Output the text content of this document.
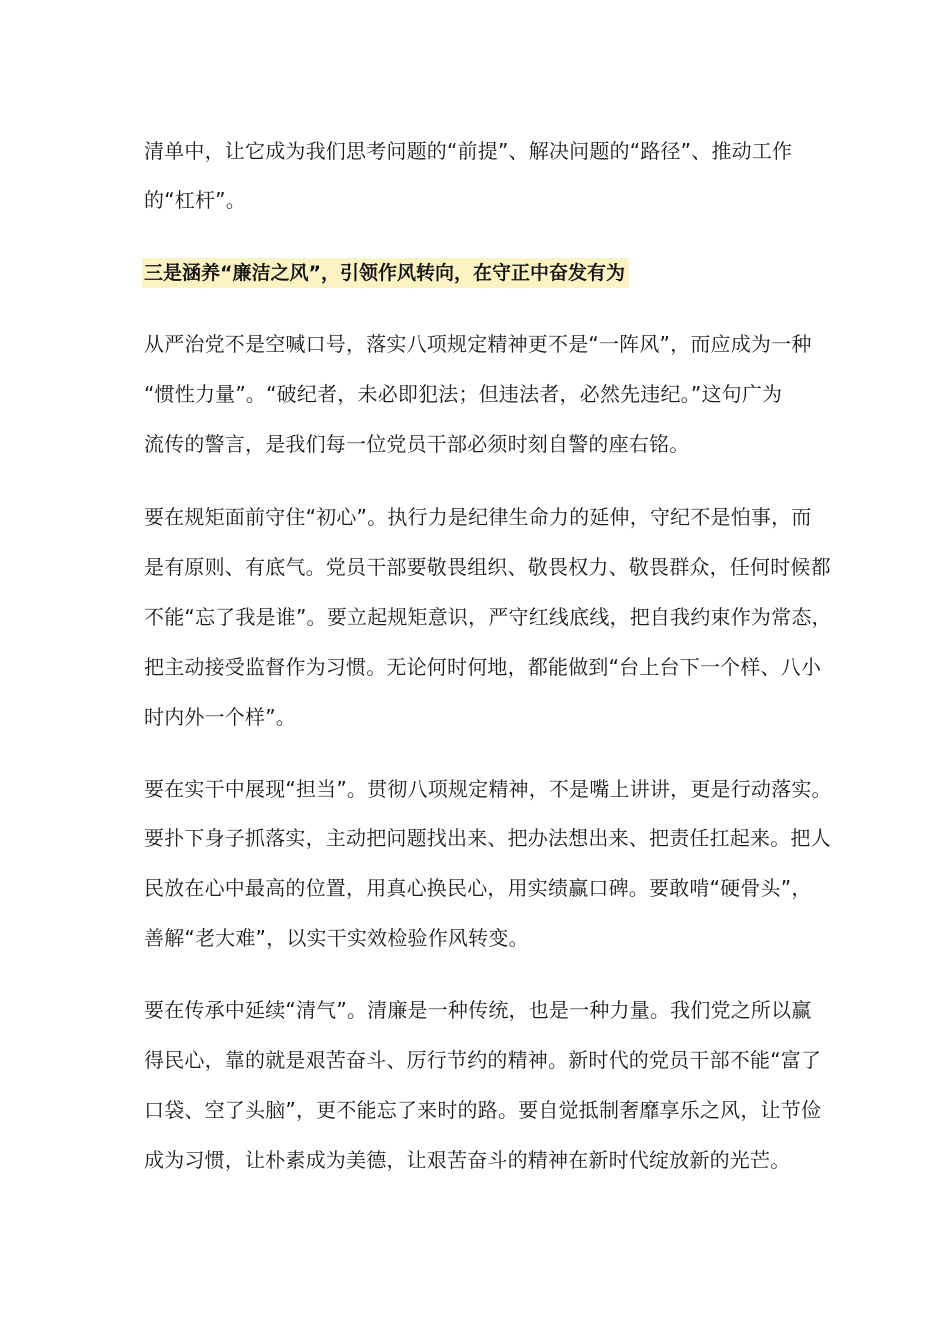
清单中，让它成为我们思考问题的“前提”、解决问题的“路径”、推动工作
的“杠杆”。
三是涵养“廉洁之风”，引领作风转向，在守正中奋发有为
从严治党不是空喊口号，落实八项规定精神更不是“一阵风”，而应成为一种
“惯性力量”。“破纪者，未必即犯法；但违法者，必然先违纪。”这句广为
流传的警言，是我们每一位党员干部必须时刻自警的座右铭。
要在规矩面前守住“初心”。执行力是纪律生命力的延伸，守纪不是怕事，而
是有原则、有底气。党员干部要敬畏组织、敬畏权力、敬畏群众，任何时候都
不能“忘了我是谁”。要立起规矩意识，严守红线底线，把自我约束作为常态，
把主动接受监督作为习惯。无论何时何地，都能做到“台上台下一个样、八小
时内外一个样”。
要在实干中展现“担当”。贯彻八项规定精神，不是嘴上讲讲，更是行动落实。
要扑下身子抓落实，主动把问题找出来、把办法想出来、把责任扛起来。把人
民放在心中最高的位置，用真心换民心，用实绩赢口碑。要敢啃“硬骨头”，
善解“老大难”，以实干实效检验作风转变。
要在传承中延续“清气”。清廉是一种传统，也是一种力量。我们党之所以赢
得民心，靠的就是艰苦奋斗、厉行节约的精神。新时代的党员干部不能“富了
口袋、空了头脑”，更不能忘了来时的路。要自觉抵制奢靡享乐之风，让节俭
成为习惯，让朴素成为美德，让艰苦奋斗的精神在新时代绽放新的光芒。
